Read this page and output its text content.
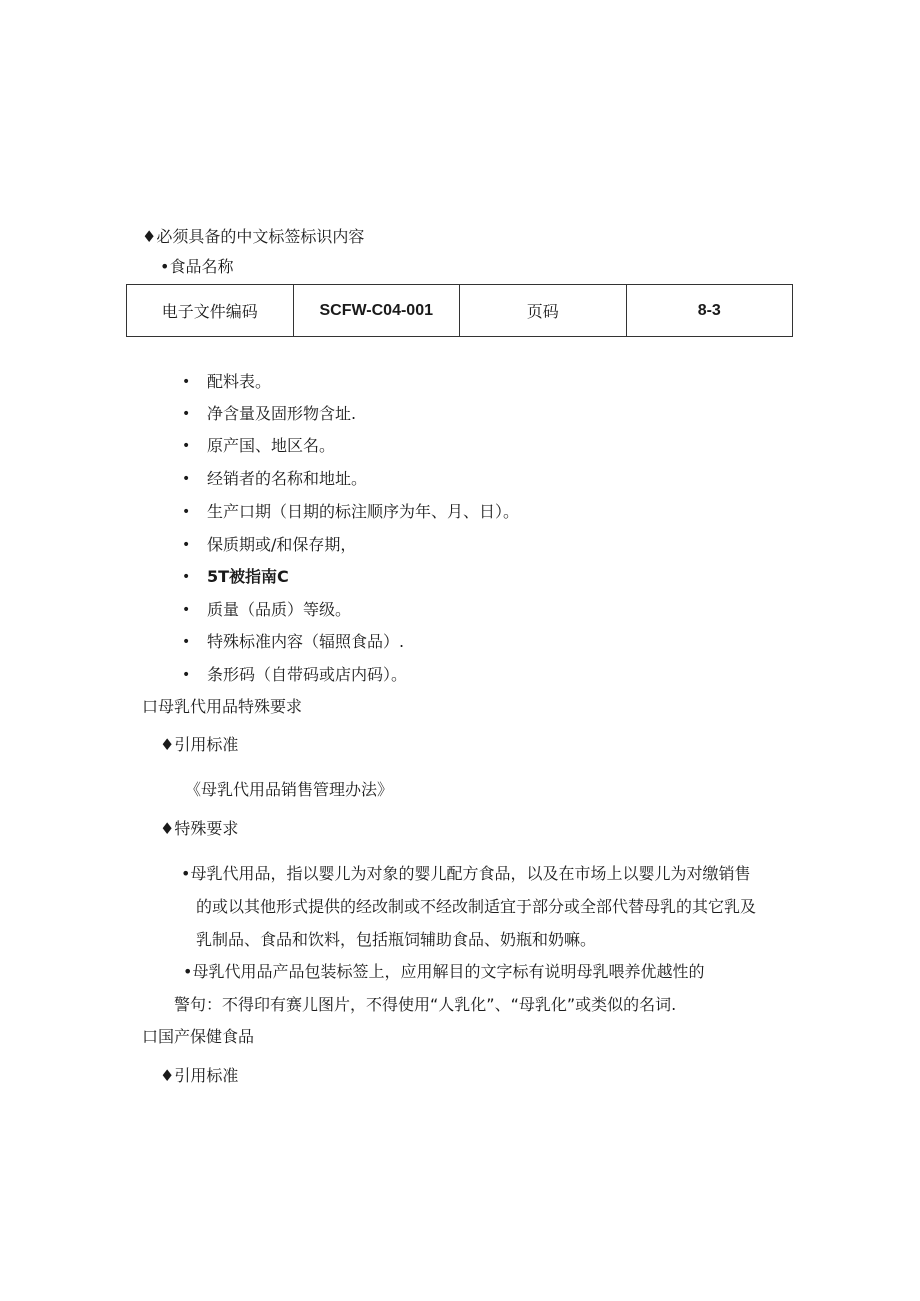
♦必须具备的中文标签标识内容
•食品名称
电子文件编码	SCFW-C04-001	页码	8-3
• 配料表。
• 净含量及固形物含址.
• 原产国、地区名。
• 经销者的名称和地址。
• 生产口期（日期的标注顺序为年、月、日）。
• 保质期或/和保存期，
• 5T被指南C
• 质量（品质）等级。
• 特殊标准内容（辐照食品）.
• 条形码（自带码或店内码）。
口母乳代用品特殊要求
♦引用标准
《母乳代用品销售管理办法》
♦特殊要求
•母乳代用品，指以婴儿为对象的婴儿配方食品，以及在市场上以婴儿为对缴销售
的或以其他形式提供的经改制或不经改制适宜于部分或全部代替母乳的其它乳及
乳制品、食品和饮料，包括瓶饲辅助食品、奶瓶和奶嘛。
•母乳代用品产品包装标签上，应用解目的文字标有说明母乳喂养优越性的
警句：不得印有赛儿图片，不得使用“人乳化”、“母乳化”或类似的名词.
口国产保健食品
♦引用标准
